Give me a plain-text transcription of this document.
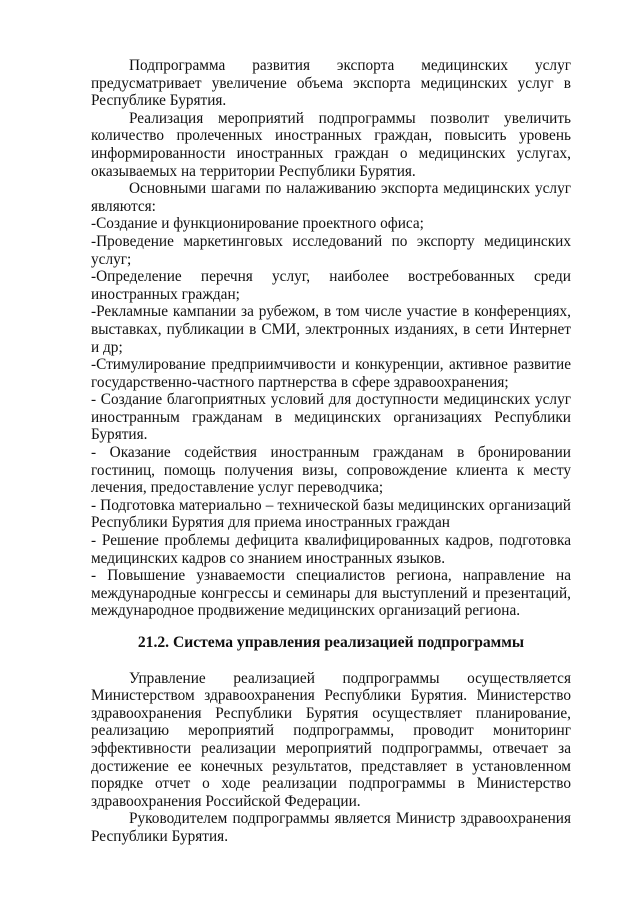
Подпрограмма развития экспорта медицинских услуг предусматривает увеличение объема экспорта медицинских услуг в Республике Бурятия.

Реализация мероприятий подпрограммы позволит увеличить количество пролеченных иностранных граждан, повысить уровень информированности иностранных граждан о медицинских услугах, оказываемых на территории Республики Бурятия.

Основными шагами по налаживанию экспорта медицинских услуг являются:

-Создание и функционирование проектного офиса;

-Проведение маркетинговых исследований по экспорту медицинских услуг;

-Определение перечня услуг, наиболее востребованных среди иностранных граждан;

-Рекламные кампании за рубежом, в том числе участие в конференциях, выставках, публикации в СМИ, электронных изданиях, в сети Интернет и др;

-Стимулирование предприимчивости и конкуренции, активное развитие государственно-частного партнерства в сфере здравоохранения;

- Создание благоприятных условий для доступности медицинских услуг иностранным гражданам в медицинских организациях Республики Бурятия.

- Оказание содействия иностранным гражданам в бронировании гостиниц, помощь получения визы, сопровождение клиента к месту лечения, предоставление услуг переводчика;

- Подготовка материально – технической базы медицинских организаций Республики Бурятия для приема иностранных граждан

- Решение проблемы дефицита квалифицированных кадров, подготовка медицинских кадров со знанием иностранных языков.

- Повышение узнаваемости специалистов региона, направление на международные конгрессы и семинары для выступлений и презентаций, международное продвижение медицинских организаций региона.

21.2. Система управления реализацией подпрограммы

Управление реализацией подпрограммы осуществляется Министерством здравоохранения Республики Бурятия. Министерство здравоохранения Республики Бурятия осуществляет планирование, реализацию мероприятий подпрограммы, проводит мониторинг эффективности реализации мероприятий подпрограммы, отвечает за достижение ее конечных результатов, представляет в установленном порядке отчет о ходе реализации подпрограммы в Министерство здравоохранения Российской Федерации.

Руководителем подпрограммы является Министр здравоохранения Республики Бурятия.
